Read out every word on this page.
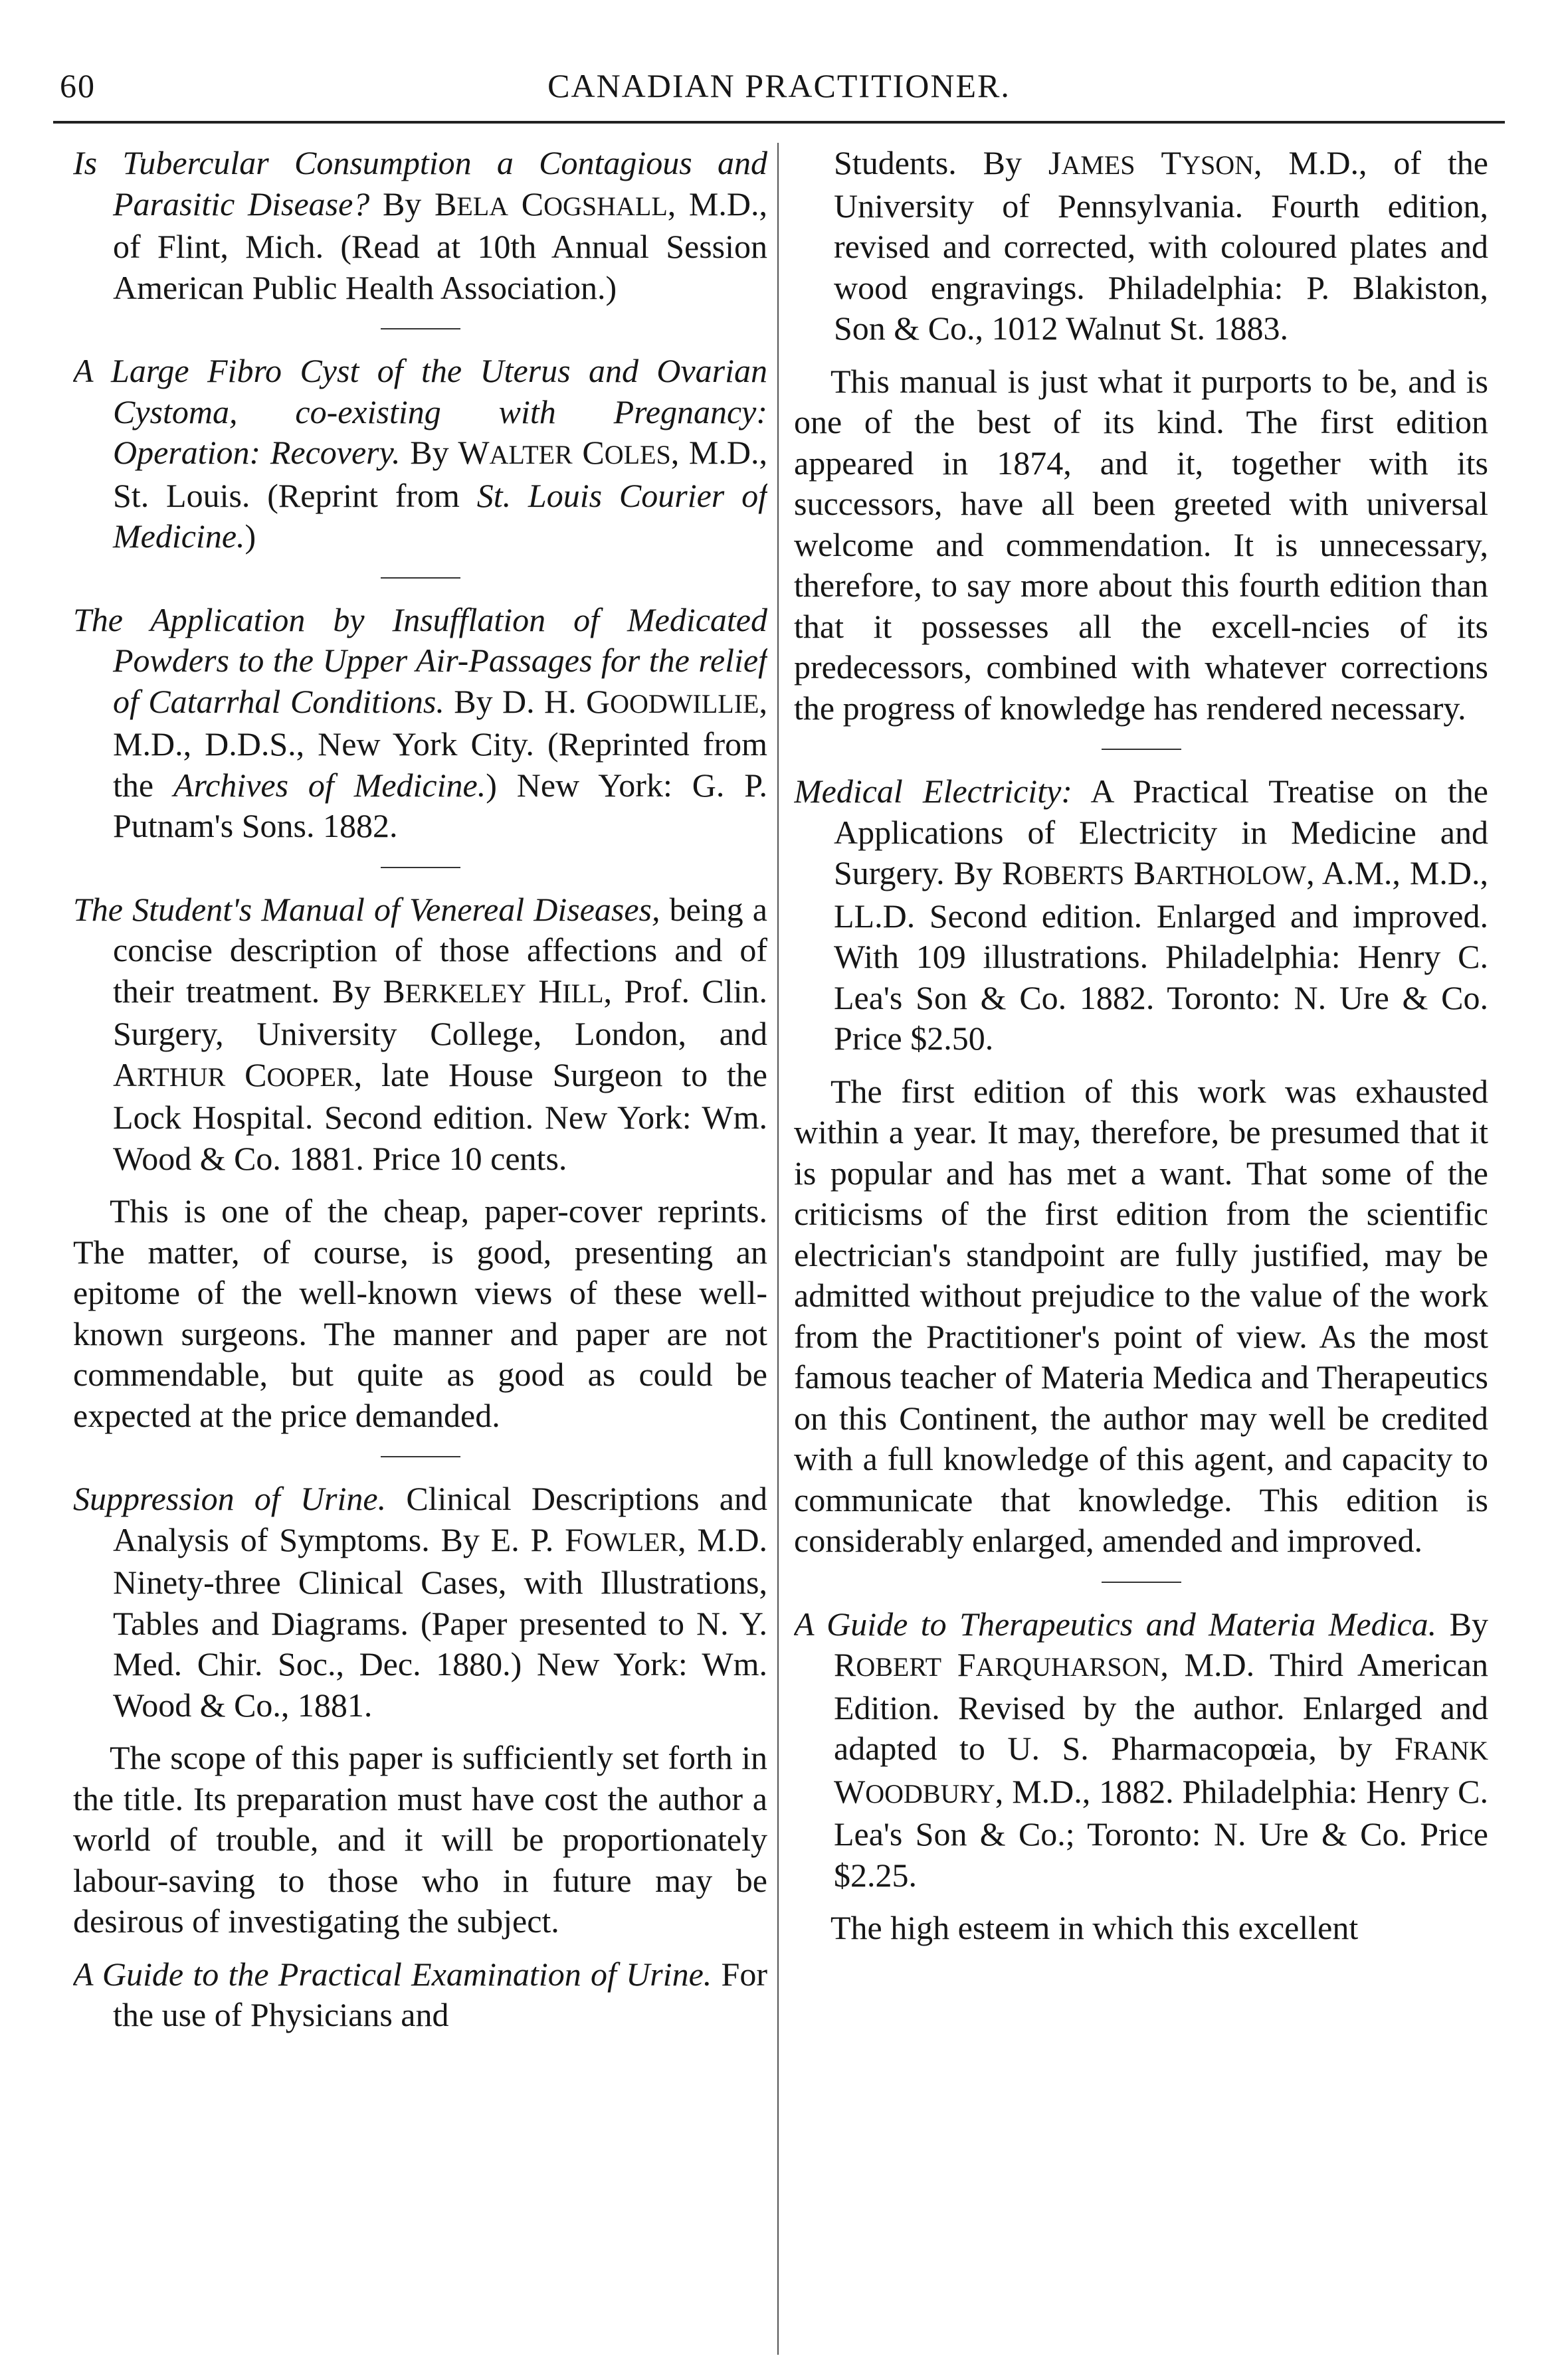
60	CANADIAN PRACTITIONER.

Is Tubercular Consumption a Contagious and Parasitic Disease? By BELA COGSHALL, M.D., of Flint, Mich. (Read at 10th Annual Session American Public Health Association.)

A Large Fibro Cyst of the Uterus and Ovarian Cystoma, co-existing with Pregnancy: Operation: Recovery. By WALTER COLES, M.D., St. Louis. (Reprint from St. Louis Courier of Medicine.)

The Application by Insufflation of Medicated Powders to the Upper Air-Passages for the relief of Catarrhal Conditions. By D. H. GOODWILLIE, M.D., D.D.S., New York City. (Reprinted from the Archives of Medicine.) New York: G. P. Putnam's Sons. 1882.

The Student's Manual of Venereal Diseases, being a concise description of those affections and of their treatment. By BERKELEY HILL, Prof. Clin. Surgery, University College, London, and ARTHUR COOPER, late House Surgeon to the Lock Hospital. Second edition. New York: Wm. Wood & Co. 1881. Price 10 cents.

This is one of the cheap, paper-cover reprints. The matter, of course, is good, presenting an epitome of the well-known views of these well-known surgeons. The manner and paper are not commendable, but quite as good as could be expected at the price demanded.

Suppression of Urine. Clinical Descriptions and Analysis of Symptoms. By E. P. FOWLER, M.D. Ninety-three Clinical Cases, with Illustrations, Tables and Diagrams. (Paper presented to N. Y. Med. Chir. Soc., Dec. 1880.) New York: Wm. Wood & Co., 1881.

The scope of this paper is sufficiently set forth in the title. Its preparation must have cost the author a world of trouble, and it will be proportionately labour-saving to those who in future may be desirous of investigating the subject.

A Guide to the Practical Examination of Urine. For the use of Physicians and

Students. By JAMES TYSON, M.D., of the University of Pennsylvania. Fourth edition, revised and corrected, with coloured plates and wood engravings. Philadelphia: P. Blakiston, Son & Co., 1012 Walnut St. 1883.

This manual is just what it purports to be, and is one of the best of its kind. The first edition appeared in 1874, and it, together with its successors, have all been greeted with universal welcome and commendation. It is unnecessary, therefore, to say more about this fourth edition than that it possesses all the excell-ncies of its predecessors, combined with whatever corrections the progress of knowledge has rendered necessary.

Medical Electricity: A Practical Treatise on the Applications of Electricity in Medicine and Surgery. By ROBERTS BARTHOLOW, A.M., M.D., LL.D. Second edition. Enlarged and improved. With 109 illustrations. Philadelphia: Henry C. Lea's Son & Co. 1882. Toronto: N. Ure & Co. Price $2.50.

The first edition of this work was exhausted within a year. It may, therefore, be presumed that it is popular and has met a want. That some of the criticisms of the first edition from the scientific electrician's standpoint are fully justified, may be admitted without prejudice to the value of the work from the Practitioner's point of view. As the most famous teacher of Materia Medica and Therapeutics on this Continent, the author may well be credited with a full knowledge of this agent, and capacity to communicate that knowledge. This edition is considerably enlarged, amended and improved.

A Guide to Therapeutics and Materia Medica. By ROBERT FARQUHARSON, M.D. Third American Edition. Revised by the author. Enlarged and adapted to U. S. Pharmacopœia, by FRANK WOODBURY, M.D., 1882. Philadelphia: Henry C. Lea's Son & Co.; Toronto: N. Ure & Co. Price $2.25.

The high esteem in which this excellent
